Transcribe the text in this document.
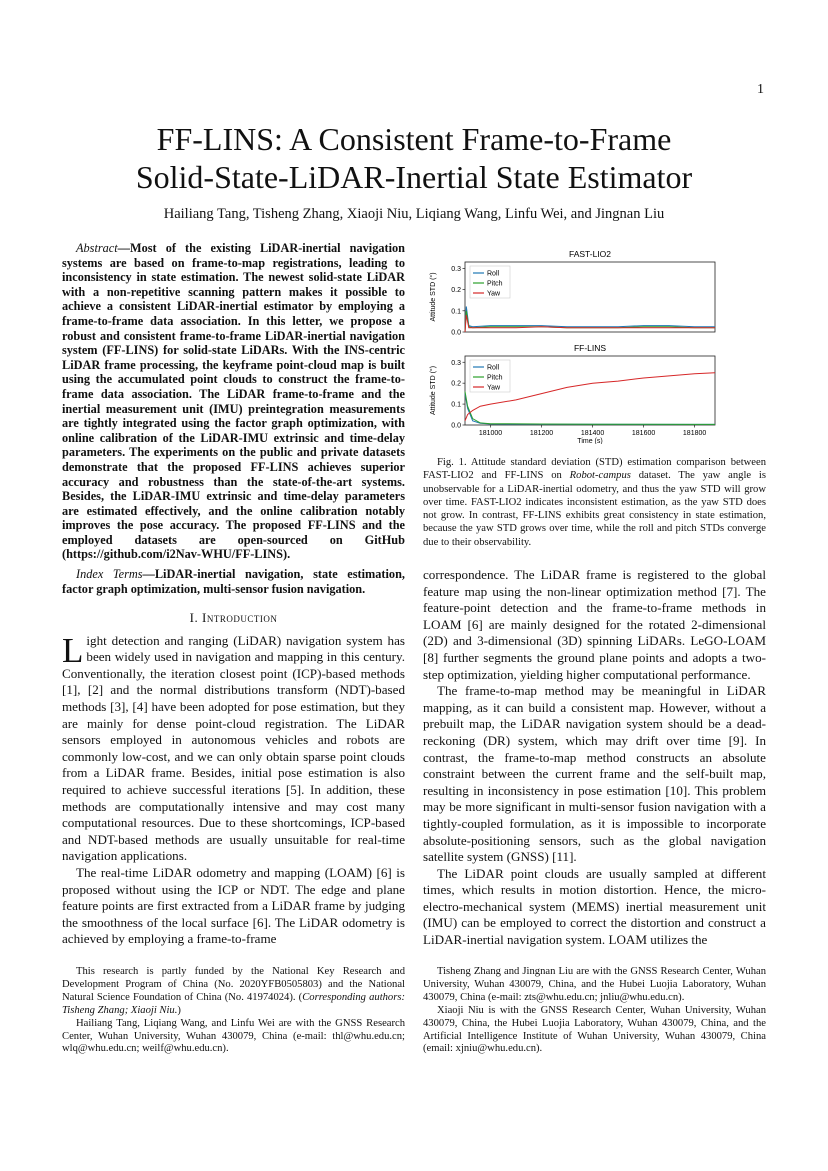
1
FF-LINS: A Consistent Frame-to-Frame
Solid-State-LiDAR-Inertial State Estimator
Hailiang Tang, Tisheng Zhang, Xiaoji Niu, Liqiang Wang, Linfu Wei, and Jingnan Liu

Abstract—Most of the existing LiDAR-inertial navigation systems are based on frame-to-map registrations, leading to inconsistency in state estimation. The newest solid-state LiDAR with a non-repetitive scanning pattern makes it possible to achieve a consistent LiDAR-inertial estimator by employing a frame-to-frame data association. In this letter, we propose a robust and consistent frame-to-frame LiDAR-inertial navigation system (FF-LINS) for solid-state LiDARs. With the INS-centric LiDAR frame processing, the keyframe point-cloud map is built using the accumulated point clouds to construct the frame-to-frame data association. The LiDAR frame-to-frame and the inertial measurement unit (IMU) preintegration measurements are tightly integrated using the factor graph optimization, with online calibration of the LiDAR-IMU extrinsic and time-delay parameters. The experiments on the public and private datasets demonstrate that the proposed FF-LINS achieves superior accuracy and robustness than the state-of-the-art systems. Besides, the LiDAR-IMU extrinsic and time-delay parameters are estimated effectively, and the online calibration notably improves the pose accuracy. The proposed FF-LINS and the employed datasets are open-sourced on GitHub (https://github.com/i2Nav-WHU/FF-LINS).

Index Terms—LiDAR-inertial navigation, state estimation, factor graph optimization, multi-sensor fusion navigation.

I. Introduction

Light detection and ranging (LiDAR) navigation system has been widely used in navigation and mapping in this century. Conventionally, the iteration closest point (ICP)-based methods [1], [2] and the normal distributions transform (NDT)-based methods [3], [4] have been adopted for pose estimation, but they are mainly for dense point-cloud registration. The LiDAR sensors employed in autonomous vehicles and robots are commonly low-cost, and we can only obtain sparse point clouds from a LiDAR frame. Besides, initial pose estimation is also required to achieve successful iterations [5]. In addition, these methods are computationally intensive and may cost many computational resources. Due to these shortcomings, ICP-based and NDT-based methods are usually unsuitable for real-time navigation applications.

The real-time LiDAR odometry and mapping (LOAM) [6] is proposed without using the ICP or NDT. The edge and plane feature points are first extracted from a LiDAR frame by judging the smoothness of the local surface [6]. The LiDAR odometry is achieved by employing a frame-to-frame

FAST-LIO2
0.0
0.1
0.2
0.3
Attitude STD (°)	Roll
Pitch
Yaw
FF-LINS
0.0
0.1
0.2
0.3
181000	181200	181400	181600	181800
Time (s)
Attitude STD (°)	Roll
Pitch
Yaw

Fig. 1. Attitude standard deviation (STD) estimation comparison between FAST-LIO2 and FF-LINS on Robot-campus dataset. The yaw angle is unobservable for a LiDAR-inertial odometry, and thus the yaw STD will grow over time. FAST-LIO2 indicates inconsistent estimation, as the yaw STD does not grow. In contrast, FF-LINS exhibits great consistency in state estimation, because the yaw STD grows over time, while the roll and pitch STDs converge due to their observability.

correspondence. The LiDAR frame is registered to the global feature map using the non-linear optimization method [7]. The feature-point detection and the frame-to-frame methods in LOAM [6] are mainly designed for the rotated 2-dimensional (2D) and 3-dimensional (3D) spinning LiDARs. LeGO-LOAM [8] further segments the ground plane points and adopts a two-step optimization, yielding higher computational performance.

The frame-to-map method may be meaningful in LiDAR mapping, as it can build a consistent map. However, without a prebuilt map, the LiDAR navigation system should be a dead-reckoning (DR) system, which may drift over time [9]. In contrast, the frame-to-map method constructs an absolute constraint between the current frame and the self-built map, resulting in inconsistency in pose estimation [10]. This problem may be more significant in multi-sensor fusion navigation with a tightly-coupled formulation, as it is impossible to incorporate absolute-positioning sensors, such as the global navigation satellite system (GNSS) [11].

The LiDAR point clouds are usually sampled at different times, which results in motion distortion. Hence, the micro-electro-mechanical system (MEMS) inertial measurement unit (IMU) can be employed to correct the distortion and construct a LiDAR-inertial navigation system. LOAM utilizes the

This research is partly funded by the National Key Research and Development Program of China (No. 2020YFB0505803) and the National Natural Science Foundation of China (No. 41974024). (Corresponding authors: Tisheng Zhang; Xiaoji Niu.)

Hailiang Tang, Liqiang Wang, and Linfu Wei are with the GNSS Research Center, Wuhan University, Wuhan 430079, China (e-mail: thl@whu.edu.cn; wlq@whu.edu.cn; weilf@whu.edu.cn).

Tisheng Zhang and Jingnan Liu are with the GNSS Research Center, Wuhan University, Wuhan 430079, China, and the Hubei Luojia Laboratory, Wuhan 430079, China (e-mail: zts@whu.edu.cn; jnliu@whu.edu.cn).

Xiaoji Niu is with the GNSS Research Center, Wuhan University, Wuhan 430079, China, the Hubei Luojia Laboratory, Wuhan 430079, China, and the Artificial Intelligence Institute of Wuhan University, Wuhan 430079, China (email: xjniu@whu.edu.cn).
